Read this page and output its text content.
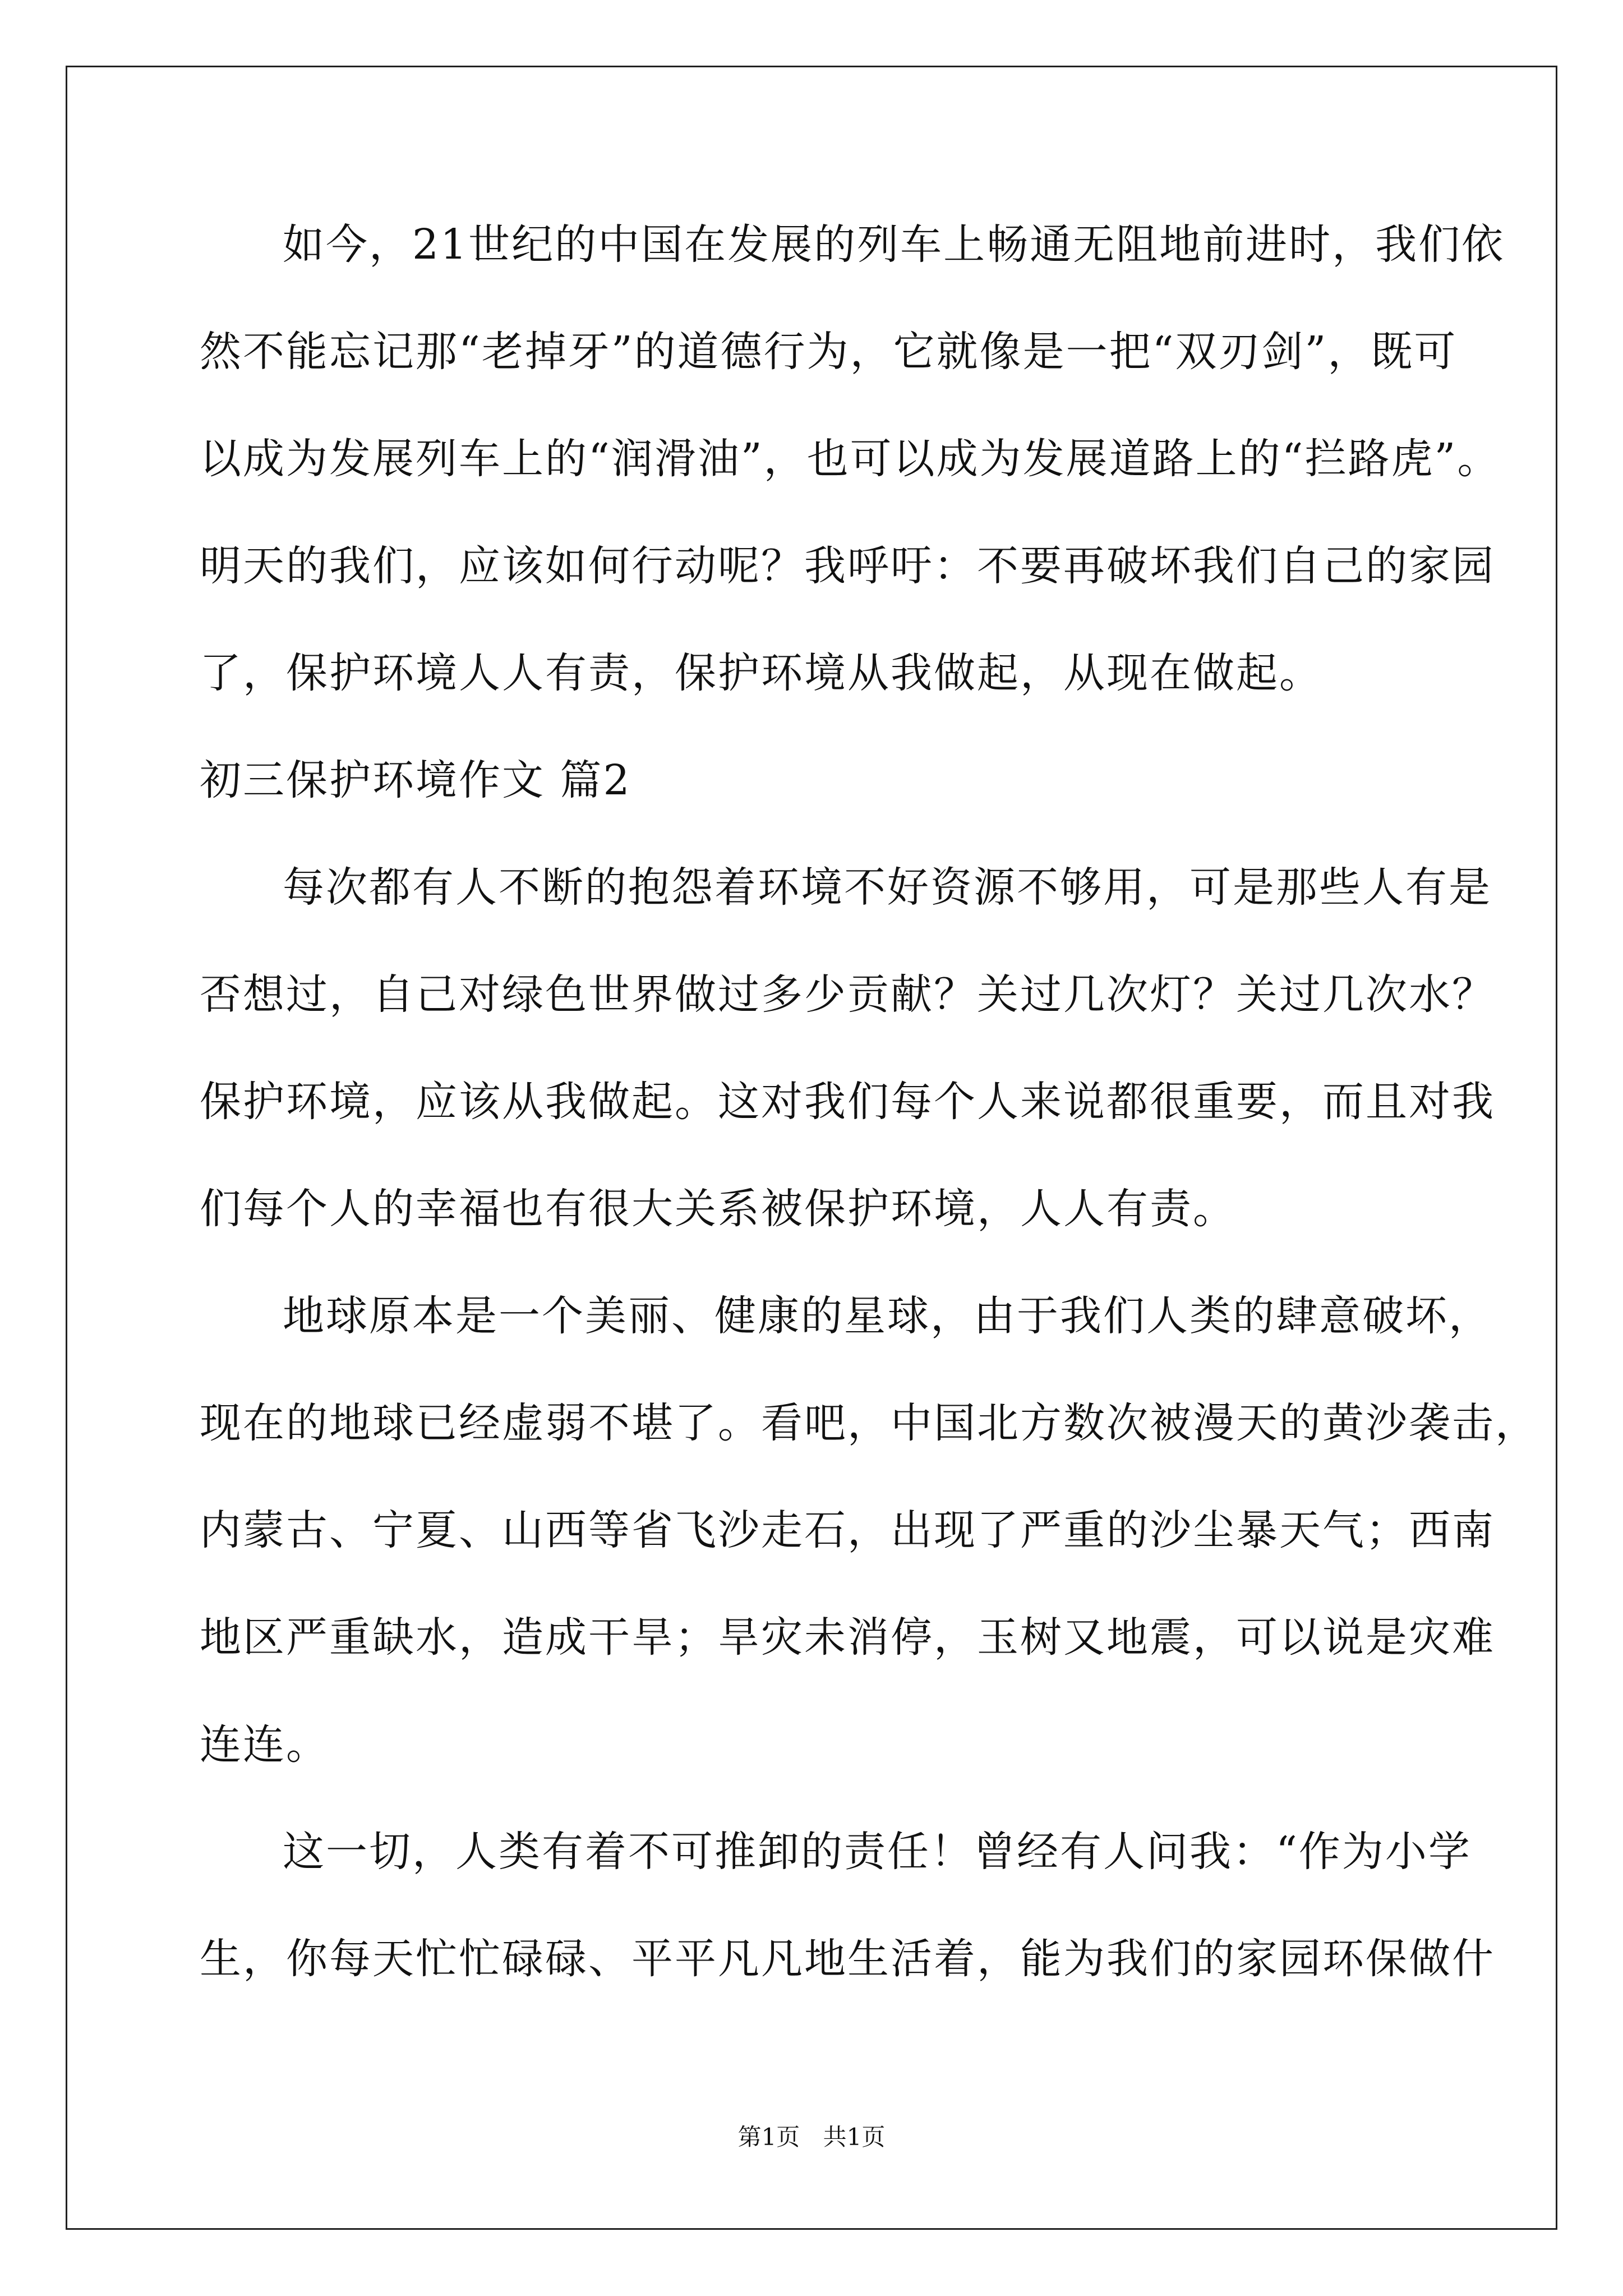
如今，21世纪的中国在发展的列车上畅通无阻地前进时，我们依
然不能忘记那“老掉牙”的道德行为，它就像是一把“双刃剑”，既可
以成为发展列车上的“润滑油”，也可以成为发展道路上的“拦路虎”。
明天的我们，应该如何行动呢？我呼吁：不要再破坏我们自己的家园
了，保护环境人人有责，保护环境从我做起，从现在做起。
初三保护环境作文 篇2
每次都有人不断的抱怨着环境不好资源不够用，可是那些人有是
否想过，自己对绿色世界做过多少贡献？关过几次灯？关过几次水？
保护环境，应该从我做起。这对我们每个人来说都很重要，而且对我
们每个人的幸福也有很大关系被保护环境，人人有责。
地球原本是一个美丽、健康的星球，由于我们人类的肆意破坏，
现在的地球已经虚弱不堪了。看吧，中国北方数次被漫天的黄沙袭击，
内蒙古、宁夏、山西等省飞沙走石，出现了严重的沙尘暴天气；西南
地区严重缺水，造成干旱；旱灾未消停，玉树又地震，可以说是灾难
连连。
这一切，人类有着不可推卸的责任！曾经有人问我：“作为小学
生，你每天忙忙碌碌、平平凡凡地生活着，能为我们的家园环保做什
第1页 共1页
